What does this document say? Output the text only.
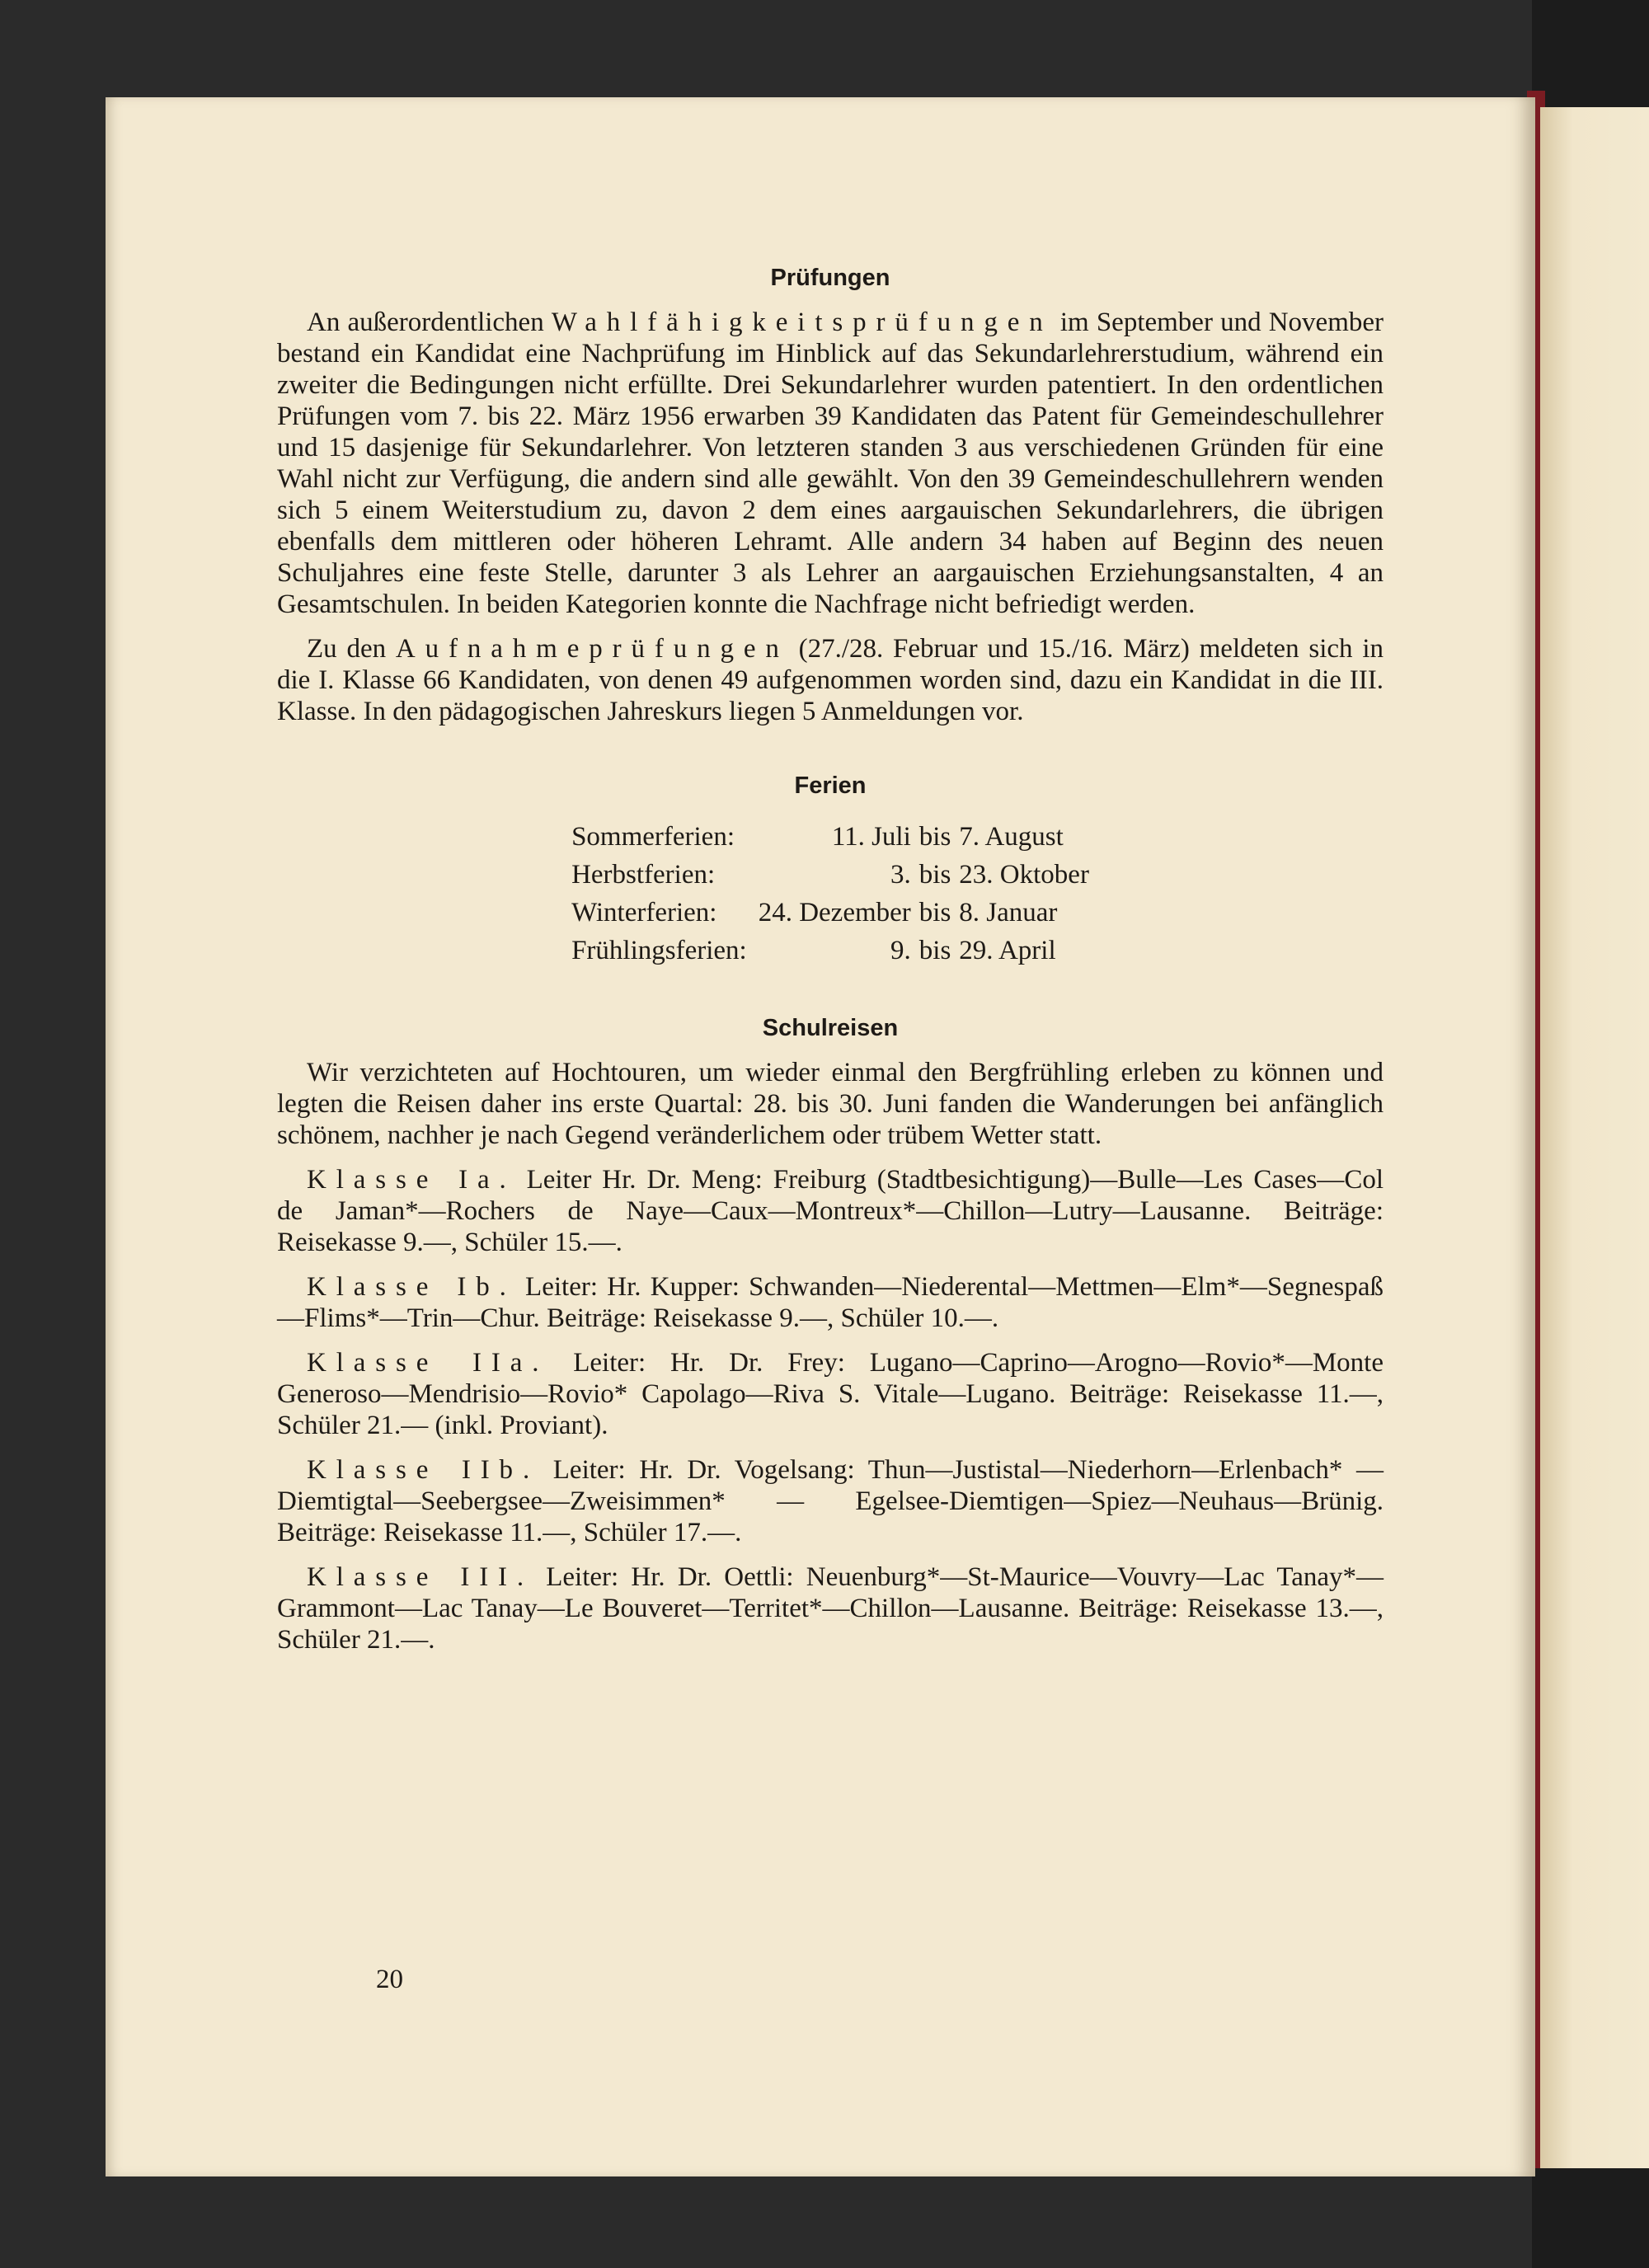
Prüfungen

An außerordentlichen Wahlfähigkeitsprüfungen im September und November bestand ein Kandidat eine Nachprüfung im Hinblick auf das Sekundarlehrerstudium, während ein zweiter die Bedingungen nicht erfüllte. Drei Sekundarlehrer wurden patentiert. In den ordentlichen Prüfungen vom 7. bis 22. März 1956 erwarben 39 Kandidaten das Patent für Gemeindeschullehrer und 15 dasjenige für Sekundarlehrer. Von letzteren standen 3 aus verschiedenen Gründen für eine Wahl nicht zur Verfügung, die andern sind alle gewählt. Von den 39 Gemeindeschullehrern wenden sich 5 einem Weiterstudium zu, davon 2 dem eines aargauischen Sekundarlehrers, die übrigen ebenfalls dem mittleren oder höheren Lehramt. Alle andern 34 haben auf Beginn des neuen Schuljahres eine feste Stelle, darunter 3 als Lehrer an aargauischen Erziehungsanstalten, 4 an Gesamtschulen. In beiden Kategorien konnte die Nachfrage nicht befriedigt werden.

Zu den Aufnahmeprüfungen (27./28. Februar und 15./16. März) meldeten sich in die I. Klasse 66 Kandidaten, von denen 49 aufgenommen worden sind, dazu ein Kandidat in die III. Klasse. In den pädagogischen Jahreskurs liegen 5 Anmeldungen vor.

Ferien
Sommerferien:	11. Juli	bis	7. August
Herbstferien:	3.	bis	23. Oktober
Winterferien:	24. Dezember	bis	8. Januar
Frühlingsferien:	9.	bis	29. April
Schulreisen

Wir verzichteten auf Hochtouren, um wieder einmal den Bergfrühling erleben zu können und legten die Reisen daher ins erste Quartal: 28. bis 30. Juni fanden die Wanderungen bei anfänglich schönem, nachher je nach Gegend veränderlichem oder trübem Wetter statt.

Klasse Ia. Leiter Hr. Dr. Meng: Freiburg (Stadtbesichtigung)—Bulle—Les Cases—Col de Jaman*—Rochers de Naye—Caux—Montreux*—Chillon—Lutry—Lausanne. Beiträge: Reisekasse 9.—, Schüler 15.—.

Klasse Ib. Leiter: Hr. Kupper: Schwanden—Niederental—Mettmen—Elm*—Segnespaß—Flims*—Trin—Chur. Beiträge: Reisekasse 9.—, Schüler 10.—.

Klasse IIa. Leiter: Hr. Dr. Frey: Lugano—Caprino—Arogno—Rovio*—Monte Generoso—Mendrisio—Rovio* Capolago—Riva S. Vitale—Lugano. Beiträge: Reisekasse 11.—, Schüler 21.— (inkl. Proviant).

Klasse IIb. Leiter: Hr. Dr. Vogelsang: Thun—Justistal—Niederhorn—Erlenbach* — Diemtigtal—Seebergsee—Zweisimmen* — Egelsee-Diemtigen—Spiez—Neuhaus—Brünig. Beiträge: Reisekasse 11.—, Schüler 17.—.

Klasse III. Leiter: Hr. Dr. Oettli: Neuenburg*—St-Maurice—Vouvry—Lac Tanay*—Grammont—Lac Tanay—Le Bouveret—Territet*—Chillon—Lausanne. Beiträge: Reisekasse 13.—, Schüler 21.—.

20
